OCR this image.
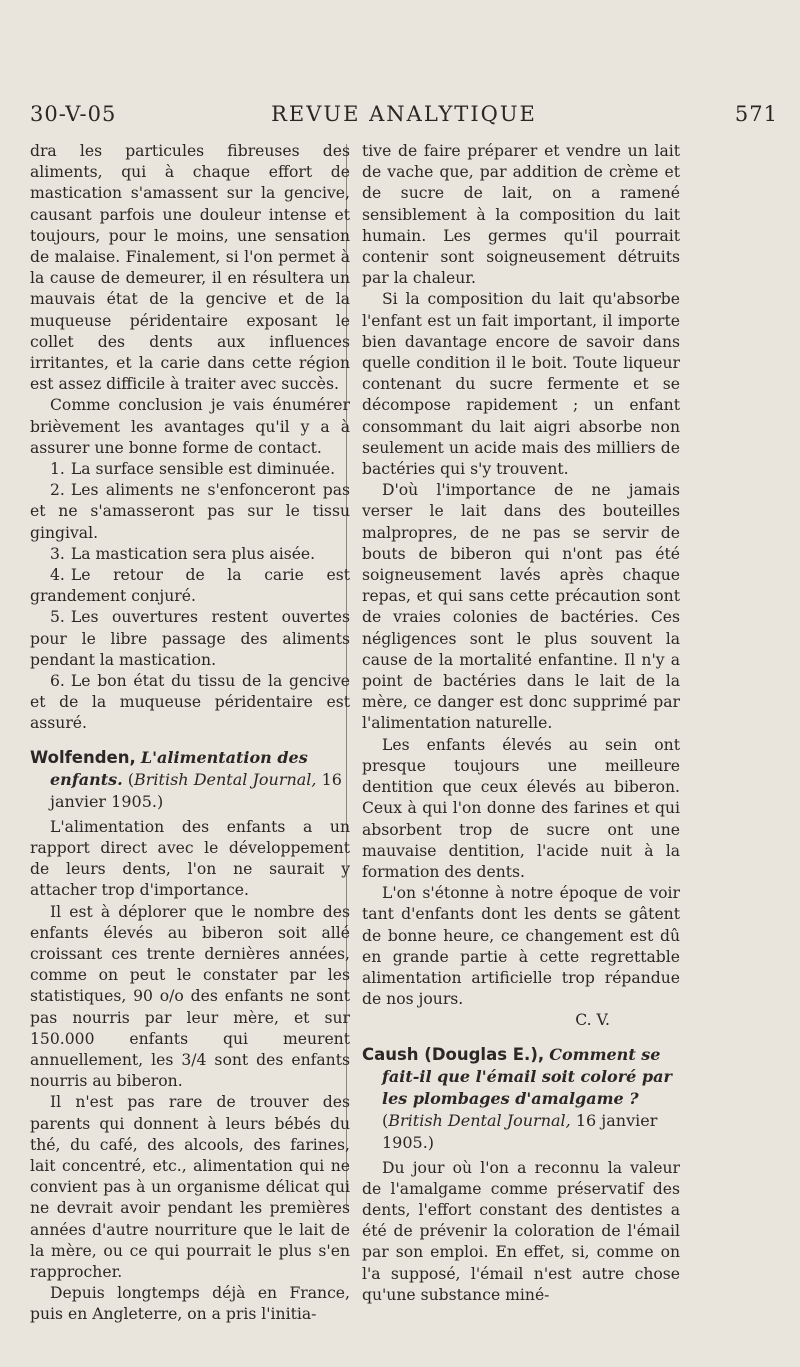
30-V-05	REVUE ANALYTIQUE	571

dra les particules fibreuses des aliments, qui à chaque effort de mastication s'amassent sur la gencive, causant parfois une douleur intense et toujours, pour le moins, une sensation de malaise. Finalement, si l'on permet à la cause de demeurer, il en résultera un mauvais état de la gencive et de la muqueuse péridentaire exposant le collet des dents aux influences irritantes, et la carie dans cette région est assez difficile à traiter avec succès.

Comme conclusion je vais énumérer brièvement les avantages qu'il y a à assurer une bonne forme de contact.

1. La surface sensible est diminuée.

2. Les aliments ne s'enfonceront pas et ne s'amasseront pas sur le tissu gingival.

3. La mastication sera plus aisée.

4. Le retour de la carie est grandement conjuré.

5. Les ouvertures restent ouvertes pour le libre passage des aliments pendant la mastication.

6. Le bon état du tissu de la gencive et de la muqueuse péridentaire est assuré.

Wolfenden, L'alimentation des enfants. (British Dental Journal, 16 janvier 1905.)

L'alimentation des enfants a un rapport direct avec le développement de leurs dents, l'on ne saurait y attacher trop d'importance.

Il est à déplorer que le nombre des enfants élevés au biberon soit allé croissant ces trente dernières années, comme on peut le constater par les statistiques, 90 o/o des enfants ne sont pas nourris par leur mère, et sur 150.000 enfants qui meurent annuellement, les 3/4 sont des enfants nourris au biberon.

Il n'est pas rare de trouver des parents qui donnent à leurs bébés du thé, du café, des alcools, des farines, lait concentré, etc., alimentation qui ne convient pas à un organisme délicat qui ne devrait avoir pendant les premières années d'autre nourriture que le lait de la mère, ou ce qui pourrait le plus s'en rapprocher.

Depuis longtemps déjà en France, puis en Angleterre, on a pris l'initia-

tive de faire préparer et vendre un lait de vache que, par addition de crème et de sucre de lait, on a ramené sensiblement à la composition du lait humain. Les germes qu'il pourrait contenir sont soigneusement détruits par la chaleur.

Si la composition du lait qu'absorbe l'enfant est un fait important, il importe bien davantage encore de savoir dans quelle condition il le boit. Toute liqueur contenant du sucre fermente et se décompose rapidement ; un enfant consommant du lait aigri absorbe non seulement un acide mais des milliers de bactéries qui s'y trouvent.

D'où l'importance de ne jamais verser le lait dans des bouteilles malpropres, de ne pas se servir de bouts de biberon qui n'ont pas été soigneusement lavés après chaque repas, et qui sans cette précaution sont de vraies colonies de bactéries. Ces négligences sont le plus souvent la cause de la mortalité enfantine. Il n'y a point de bactéries dans le lait de la mère, ce danger est donc supprimé par l'alimentation naturelle.

Les enfants élevés au sein ont presque toujours une meilleure dentition que ceux élevés au biberon. Ceux à qui l'on donne des farines et qui absorbent trop de sucre ont une mauvaise dentition, l'acide nuit à la formation des dents.

L'on s'étonne à notre époque de voir tant d'enfants dont les dents se gâtent de bonne heure, ce changement est dû en grande partie à cette regrettable alimentation artificielle trop répandue de nos jours.

C. V.

Caush (Douglas E.), Comment se fait-il que l'émail soit coloré par les plombages d'amalgame ? (British Dental Journal, 16 janvier 1905.)

Du jour où l'on a reconnu la valeur de l'amalgame comme préservatif des dents, l'effort constant des dentistes a été de prévenir la coloration de l'émail par son emploi. En effet, si, comme on l'a supposé, l'émail n'est autre chose qu'une substance miné-
